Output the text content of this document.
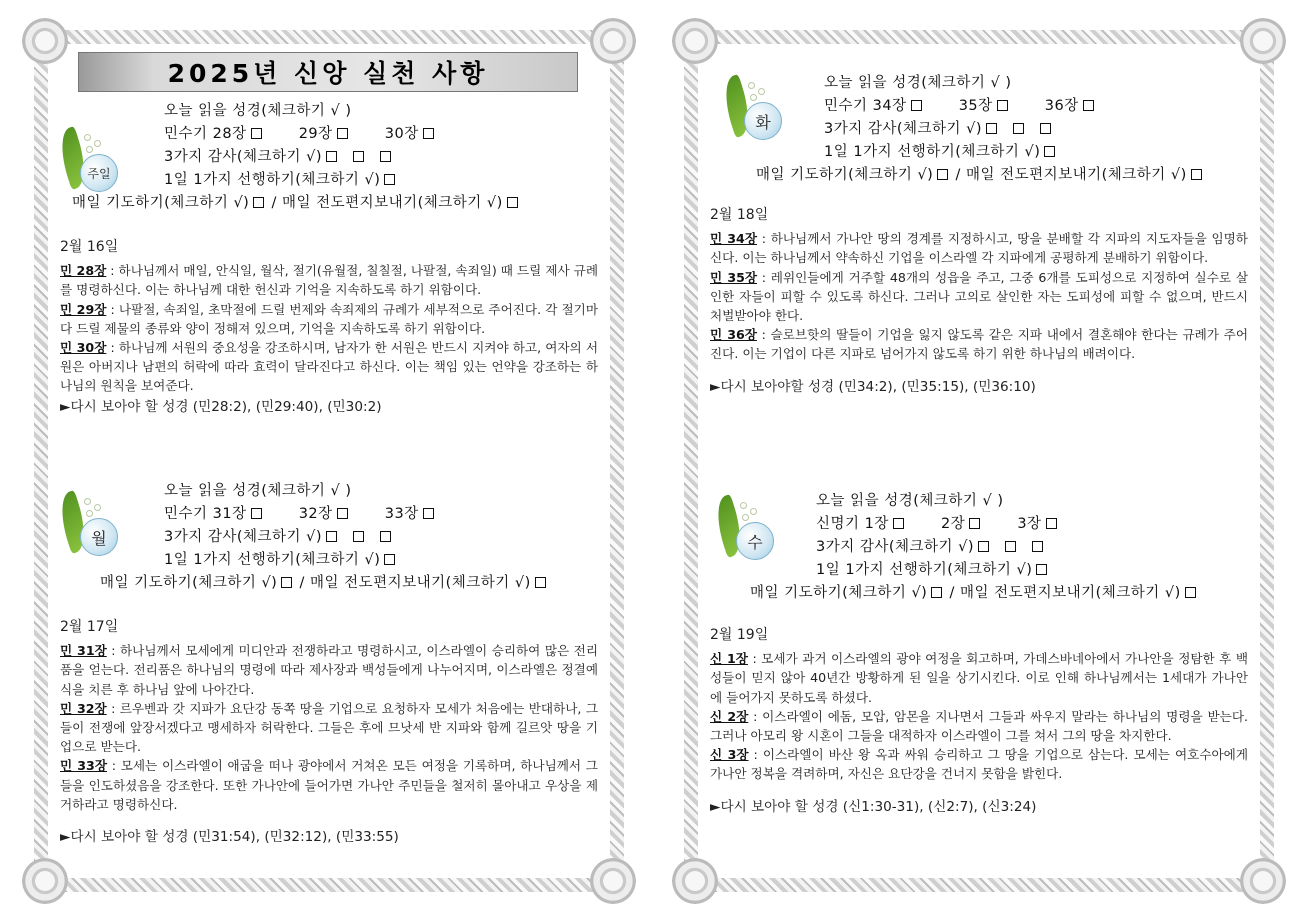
2025년 신앙 실천 사항
주일
오늘 읽을 성경(체크하기 √ )
민수기 28장	29장	30장
3가지 감사(체크하기 √)
1일 1가지 선행하기(체크하기 √)
매일 기도하기(체크하기 √) / 매일 전도편지보내기(체크하기 √)
2월 16일

민 28장 : 하나님께서 매일, 안식일, 월삭, 절기(유월절, 칠칠절, 나팔절, 속죄일) 때 드릴 제사 규례를 명령하신다. 이는 하나님께 대한 헌신과 기억을 지속하도록 하기 위함이다.

민 29장 : 나팔절, 속죄일, 초막절에 드릴 번제와 속죄제의 규례가 세부적으로 주어진다. 각 절기마다 드릴 제물의 종류와 양이 정해져 있으며, 기억을 지속하도록 하기 위함이다.

민 30장 : 하나님께 서원의 중요성을 강조하시며, 남자가 한 서원은 반드시 지켜야 하고, 여자의 서원은 아버지나 남편의 허락에 따라 효력이 달라진다고 하신다. 이는 책임 있는 언약을 강조하는 하나님의 원칙을 보여준다.

►다시 보아야 할 성경 (민28:2), (민29:40), (민30:2)
월
오늘 읽을 성경(체크하기 √ )
민수기 31장	32장	33장
3가지 감사(체크하기 √)
1일 1가지 선행하기(체크하기 √)
매일 기도하기(체크하기 √) / 매일 전도편지보내기(체크하기 √)
2월 17일

민 31장 : 하나님께서 모세에게 미디안과 전쟁하라고 명령하시고, 이스라엘이 승리하여 많은 전리품을 얻는다. 전리품은 하나님의 명령에 따라 제사장과 백성들에게 나누어지며, 이스라엘은 정결예식을 치른 후 하나님 앞에 나아간다.

민 32장 : 르우벤과 갓 지파가 요단강 동쪽 땅을 기업으로 요청하자 모세가 처음에는 반대하나, 그들이 전쟁에 앞장서겠다고 맹세하자 허락한다. 그들은 후에 므낫세 반 지파와 함께 길르앗 땅을 기업으로 받는다.

민 33장 : 모세는 이스라엘이 애굽을 떠나 광야에서 거쳐온 모든 여정을 기록하며, 하나님께서 그들을 인도하셨음을 강조한다. 또한 가나안에 들어가면 가나안 주민들을 철저히 몰아내고 우상을 제거하라고 명령하신다.

►다시 보아야 할 성경 (민31:54), (민32:12), (민33:55)
화
오늘 읽을 성경(체크하기 √ )
민수기 34장	35장	36장
3가지 감사(체크하기 √)
1일 1가지 선행하기(체크하기 √)
매일 기도하기(체크하기 √) / 매일 전도편지보내기(체크하기 √)
2월 18일

민 34장 : 하나님께서 가나안 땅의 경계를 지정하시고, 땅을 분배할 각 지파의 지도자들을 임명하신다. 이는 하나님께서 약속하신 기업을 이스라엘 각 지파에게 공평하게 분배하기 위함이다.

민 35장 : 레위인들에게 거주할 48개의 성읍을 주고, 그중 6개를 도피성으로 지정하여 실수로 살인한 자들이 피할 수 있도록 하신다. 그러나 고의로 살인한 자는 도피성에 피할 수 없으며, 반드시 처벌받아야 한다.

민 36장 : 슬로브핫의 딸들이 기업을 잃지 않도록 같은 지파 내에서 결혼해야 한다는 규례가 주어진다. 이는 기업이 다른 지파로 넘어가지 않도록 하기 위한 하나님의 배려이다.

►다시 보아야할 성경 (민34:2), (민35:15), (민36:10)
수
오늘 읽을 성경(체크하기 √ )
신명기 1장	2장	3장
3가지 감사(체크하기 √)
1일 1가지 선행하기(체크하기 √)
매일 기도하기(체크하기 √) / 매일 전도편지보내기(체크하기 √)
2월 19일

신 1장 : 모세가 과거 이스라엘의 광야 여정을 회고하며, 가데스바네아에서 가나안을 정탐한 후 백성들이 믿지 않아 40년간 방황하게 된 일을 상기시킨다. 이로 인해 하나님께서는 1세대가 가나안에 들어가지 못하도록 하셨다.

신 2장 : 이스라엘이 에돔, 모압, 암몬을 지나면서 그들과 싸우지 말라는 하나님의 명령을 받는다. 그러나 아모리 왕 시혼이 그들을 대적하자 이스라엘이 그를 쳐서 그의 땅을 차지한다.

신 3장 : 이스라엘이 바산 왕 옥과 싸워 승리하고 그 땅을 기업으로 삼는다. 모세는 여호수아에게 가나안 정복을 격려하며, 자신은 요단강을 건너지 못함을 밝힌다.

►다시 보아야 할 성경 (신1:30-31), (신2:7), (신3:24)
